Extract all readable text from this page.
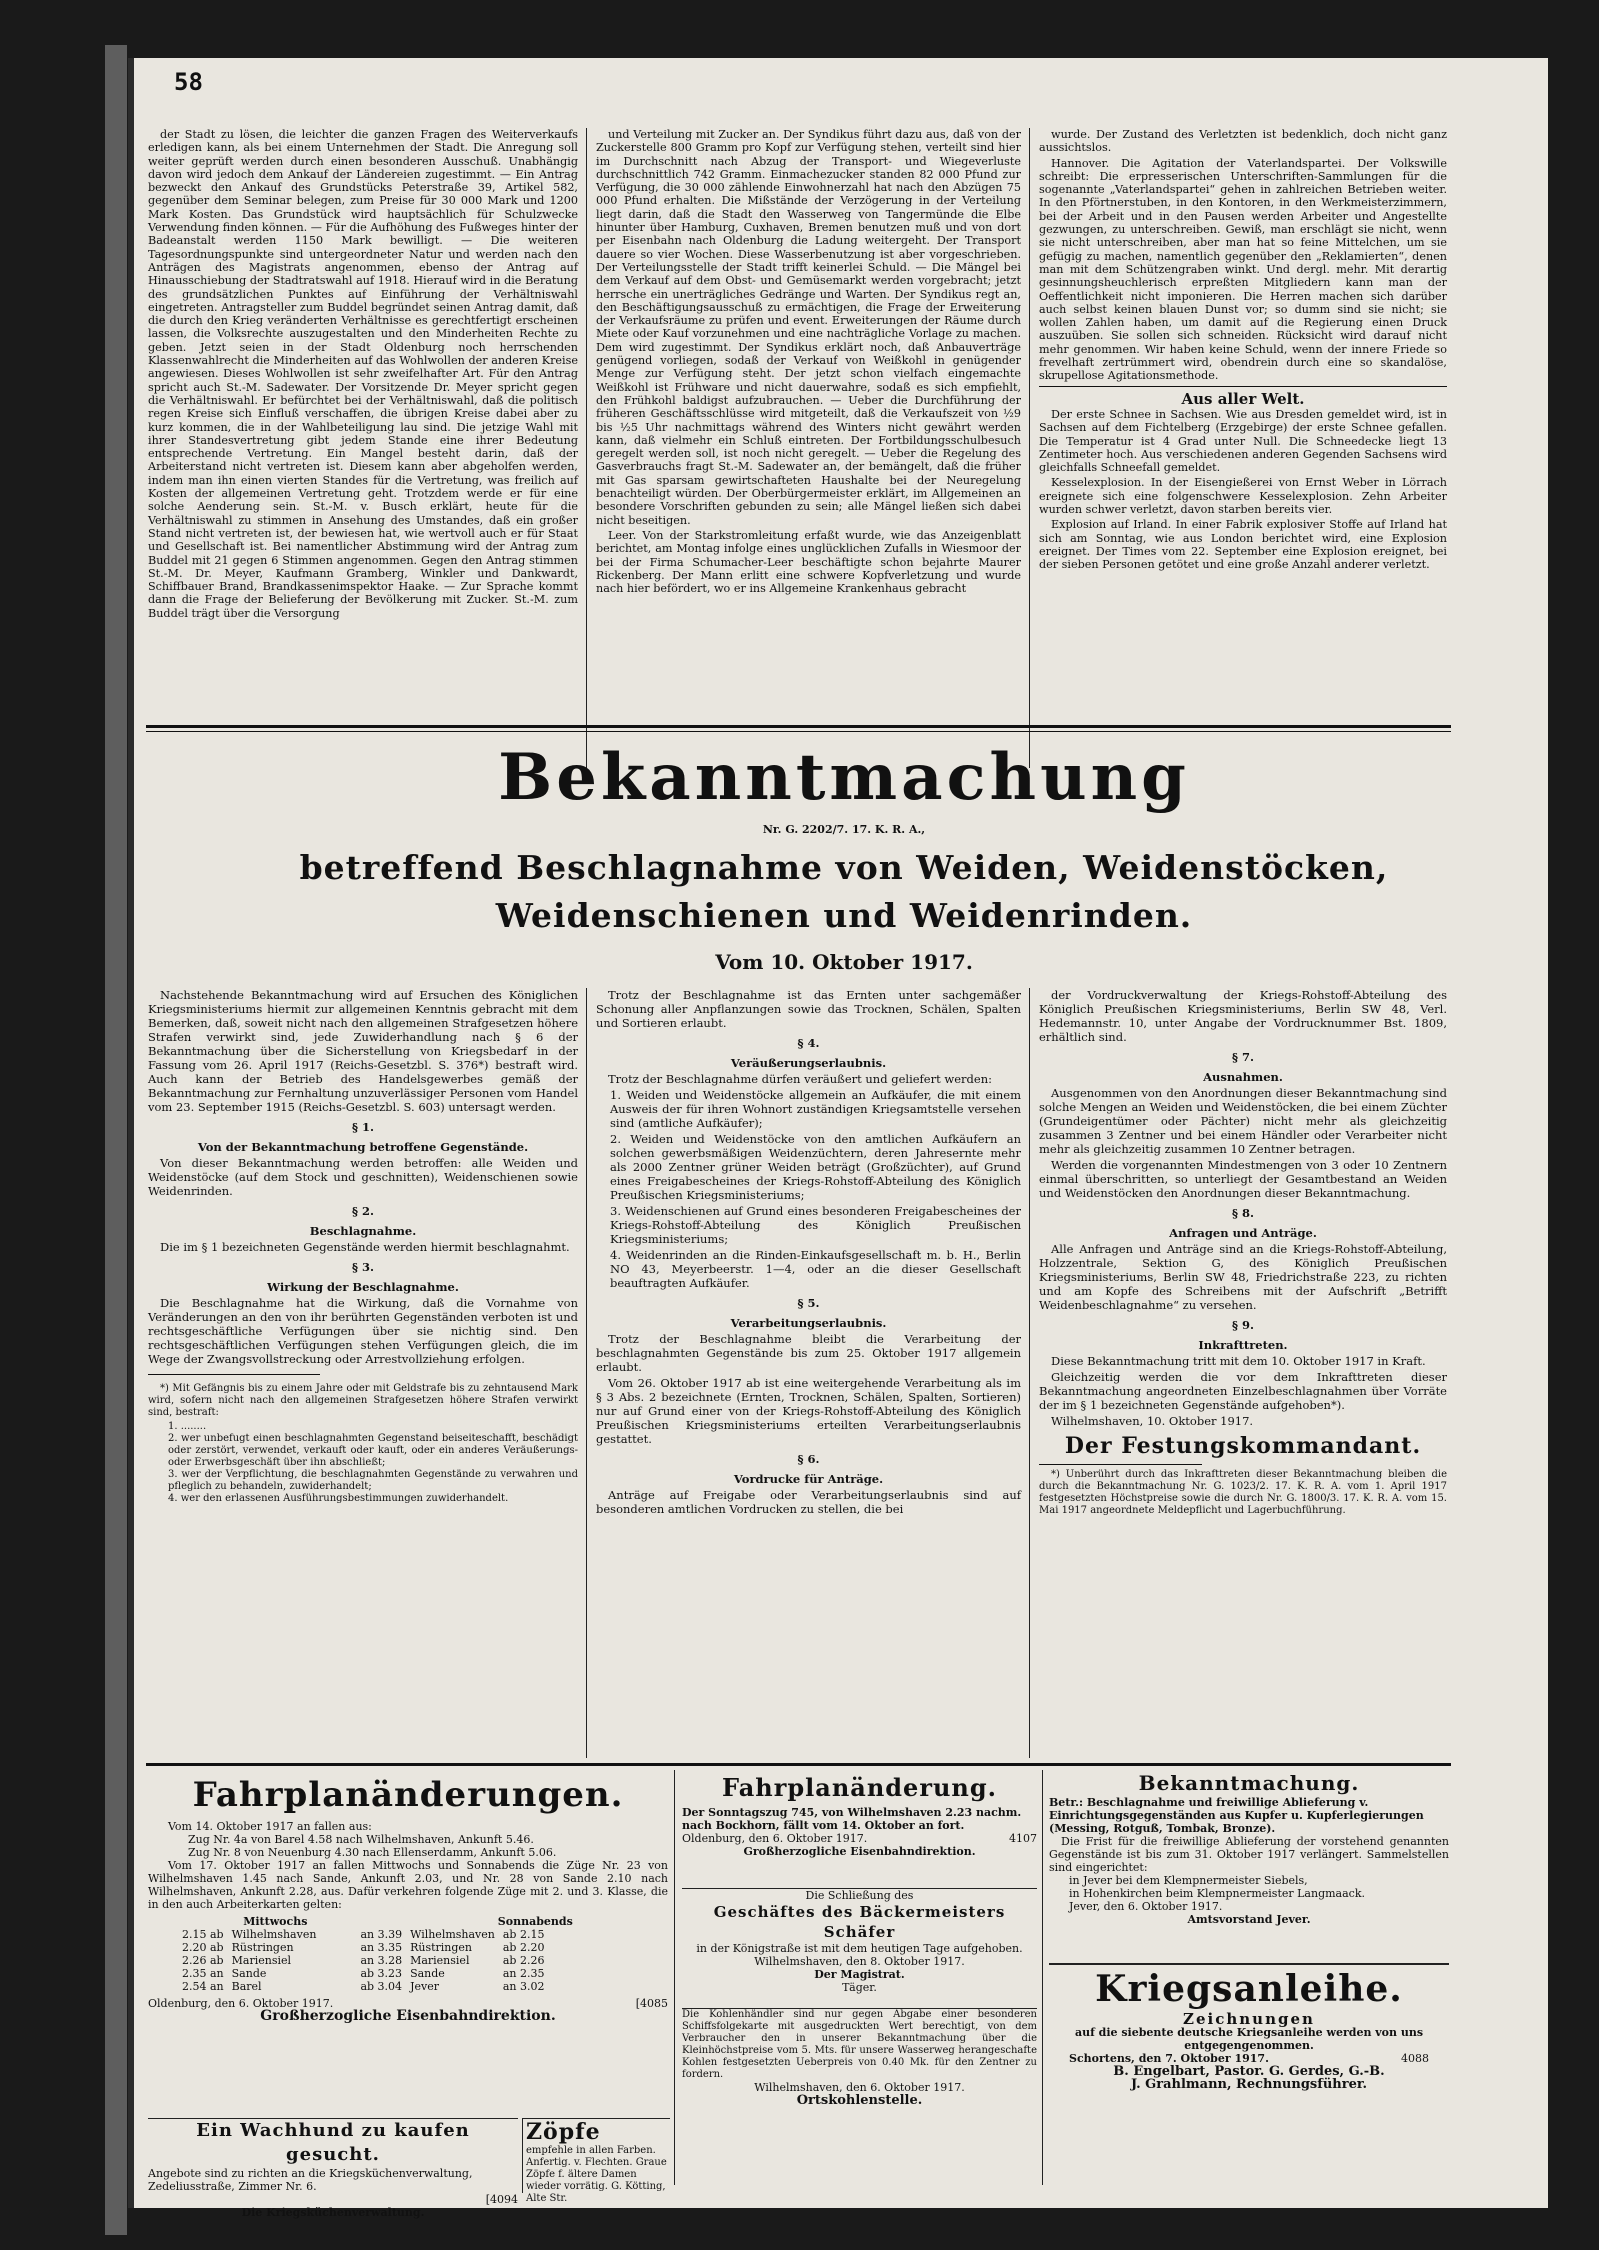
58

der Stadt zu lösen, die leichter die ganzen Fragen des Weiterverkaufs erledigen kann, als bei einem Unternehmen der Stadt. Die Anregung soll weiter geprüft werden durch einen besonderen Ausschuß. Unabhängig davon wird jedoch dem Ankauf der Ländereien zugestimmt. — Ein Antrag bezweckt den Ankauf des Grundstücks Peterstraße 39, Artikel 582, gegenüber dem Seminar belegen, zum Preise für 30 000 Mark und 1200 Mark Kosten. Das Grundstück wird hauptsächlich für Schulzwecke Verwendung finden können. — Für die Aufhöhung des Fußweges hinter der Badeanstalt werden 1150 Mark bewilligt. — Die weiteren Tagesordnungspunkte sind untergeordneter Natur und werden nach den Anträgen des Magistrats angenommen, ebenso der Antrag auf Hinausschiebung der Stadtratswahl auf 1918. Hierauf wird in die Beratung des grundsätzlichen Punktes auf Einführung der Verhältniswahl eingetreten. Antragsteller zum Buddel begründet seinen Antrag damit, daß die durch den Krieg veränderten Verhältnisse es gerechtfertigt erscheinen lassen, die Volksrechte auszugestalten und den Minderheiten Rechte zu geben. Jetzt seien in der Stadt Oldenburg noch herrschenden Klassenwahlrecht die Minderheiten auf das Wohlwollen der anderen Kreise angewiesen. Dieses Wohlwollen ist sehr zweifelhafter Art. Für den Antrag spricht auch St.-M. Sadewater. Der Vorsitzende Dr. Meyer spricht gegen die Verhältniswahl. Er befürchtet bei der Verhältniswahl, daß die politisch regen Kreise sich Einfluß verschaffen, die übrigen Kreise dabei aber zu kurz kommen, die in der Wahlbeteiligung lau sind. Die jetzige Wahl mit ihrer Standesvertretung gibt jedem Stande eine ihrer Bedeutung entsprechende Vertretung. Ein Mangel besteht darin, daß der Arbeiterstand nicht vertreten ist. Diesem kann aber abgeholfen werden, indem man ihn einen vierten Standes für die Vertretung, was freilich auf Kosten der allgemeinen Vertretung geht. Trotzdem werde er für eine solche Aenderung sein. St.-M. v. Busch erklärt, heute für die Verhältniswahl zu stimmen in Ansehung des Umstandes, daß ein großer Stand nicht vertreten ist, der bewiesen hat, wie wertvoll auch er für Staat und Gesellschaft ist. Bei namentlicher Abstimmung wird der Antrag zum Buddel mit 21 gegen 6 Stimmen angenommen. Gegen den Antrag stimmen St.-M. Dr. Meyer, Kaufmann Gramberg, Winkler und Dankwardt, Schiffbauer Brand, Brandkassenimspektor Haake. — Zur Sprache kommt dann die Frage der Belieferung der Bevölkerung mit Zucker. St.-M. zum Buddel trägt über die Versorgung

und Verteilung mit Zucker an. Der Syndikus führt dazu aus, daß von der Zuckerstelle 800 Gramm pro Kopf zur Verfügung stehen, verteilt sind hier im Durchschnitt nach Abzug der Transport- und Wiegeverluste durchschnittlich 742 Gramm. Einmachezucker standen 82 000 Pfund zur Verfügung, die 30 000 zählende Einwohnerzahl hat nach den Abzügen 75 000 Pfund erhalten. Die Mißstände der Verzögerung in der Verteilung liegt darin, daß die Stadt den Wasserweg von Tangermünde die Elbe hinunter über Hamburg, Cuxhaven, Bremen benutzen muß und von dort per Eisenbahn nach Oldenburg die Ladung weitergeht. Der Transport dauere so vier Wochen. Diese Wasserbenutzung ist aber vorgeschrieben. Der Verteilungsstelle der Stadt trifft keinerlei Schuld. — Die Mängel bei dem Verkauf auf dem Obst- und Gemüsemarkt werden vorgebracht; jetzt herrsche ein unerträgliches Gedränge und Warten. Der Syndikus regt an, den Beschäftigungsausschuß zu ermächtigen, die Frage der Erweiterung der Verkaufsräume zu prüfen und event. Erweiterungen der Räume durch Miete oder Kauf vorzunehmen und eine nachträgliche Vorlage zu machen. Dem wird zugestimmt. Der Syndikus erklärt noch, daß Anbauverträge genügend vorliegen, sodaß der Verkauf von Weißkohl in genügender Menge zur Verfügung steht. Der jetzt schon vielfach eingemachte Weißkohl ist Frühware und nicht dauerwahre, sodaß es sich empfiehlt, den Frühkohl baldigst aufzubrauchen. — Ueber die Durchführung der früheren Geschäftsschlüsse wird mitgeteilt, daß die Verkaufszeit von ½9 bis ½5 Uhr nachmittags während des Winters nicht gewährt werden kann, daß vielmehr ein Schluß eintreten. Der Fortbildungsschulbesuch geregelt werden soll, ist noch nicht geregelt. — Ueber die Regelung des Gasverbrauchs fragt St.-M. Sadewater an, der bemängelt, daß die früher mit Gas sparsam gewirtschafteten Haushalte bei der Neuregelung benachteiligt würden. Der Oberbürgermeister erklärt, im Allgemeinen an besondere Vorschriften gebunden zu sein; alle Mängel ließen sich dabei nicht beseitigen.

Leer. Von der Starkstromleitung erfaßt wurde, wie das Anzeigenblatt berichtet, am Montag infolge eines unglücklichen Zufalls in Wiesmoor der bei der Firma Schumacher-Leer beschäftigte schon bejahrte Maurer Rickenberg. Der Mann erlitt eine schwere Kopfverletzung und wurde nach hier befördert, wo er ins Allgemeine Krankenhaus gebracht

wurde. Der Zustand des Verletzten ist bedenklich, doch nicht ganz aussichtslos.

Hannover. Die Agitation der Vaterlandspartei. Der Volkswille schreibt: Die erpresserischen Unterschriften-Sammlungen für die sogenannte „Vaterlandspartei“ gehen in zahlreichen Betrieben weiter. In den Pförtnerstuben, in den Kontoren, in den Werkmeisterzimmern, bei der Arbeit und in den Pausen werden Arbeiter und Angestellte gezwungen, zu unterschreiben. Gewiß, man erschlägt sie nicht, wenn sie nicht unterschreiben, aber man hat so feine Mittelchen, um sie gefügig zu machen, namentlich gegenüber den „Reklamierten“, denen man mit dem Schützengraben winkt. Und dergl. mehr. Mit derartig gesinnungsheuchlerisch erpreßten Mitgliedern kann man der Oeffentlichkeit nicht imponieren. Die Herren machen sich darüber auch selbst keinen blauen Dunst vor; so dumm sind sie nicht; sie wollen Zahlen haben, um damit auf die Regierung einen Druck auszuüben. Sie sollen sich schneiden. Rücksicht wird darauf nicht mehr genommen. Wir haben keine Schuld, wenn der innere Friede so frevelhaft zertrümmert wird, obendrein durch eine so skandalöse, skrupellose Agitationsmethode.

Aus aller Welt.

Der erste Schnee in Sachsen. Wie aus Dresden gemeldet wird, ist in Sachsen auf dem Fichtelberg (Erzgebirge) der erste Schnee gefallen. Die Temperatur ist 4 Grad unter Null. Die Schneedecke liegt 13 Zentimeter hoch. Aus verschiedenen anderen Gegenden Sachsens wird gleichfalls Schneefall gemeldet.

Kesselexplosion. In der Eisengießerei von Ernst Weber in Lörrach ereignete sich eine folgenschwere Kesselexplosion. Zehn Arbeiter wurden schwer verletzt, davon starben bereits vier.

Explosion auf Irland. In einer Fabrik explosiver Stoffe auf Irland hat sich am Sonntag, wie aus London berichtet wird, eine Explosion ereignet. Der Times vom 22. September eine Explosion ereignet, bei der sieben Personen getötet und eine große Anzahl anderer verletzt.

Bekanntmachung
Nr. G. 2202/7. 17. K. R. A.,
betreffend Beschlagnahme von Weiden, Weidenstöcken,
Weidenschienen und Weidenrinden.
Vom 10. Oktober 1917.

Nachstehende Bekanntmachung wird auf Ersuchen des Königlichen Kriegsministeriums hiermit zur allgemeinen Kenntnis gebracht mit dem Bemerken, daß, soweit nicht nach den allgemeinen Strafgesetzen höhere Strafen verwirkt sind, jede Zuwiderhandlung nach § 6 der Bekanntmachung über die Sicherstellung von Kriegsbedarf in der Fassung vom 26. April 1917 (Reichs-Gesetzbl. S. 376*) bestraft wird. Auch kann der Betrieb des Handelsgewerbes gemäß der Bekanntmachung zur Fernhaltung unzuverlässiger Personen vom Handel vom 23. September 1915 (Reichs-Gesetzbl. S. 603) untersagt werden.

§ 1.
Von der Bekanntmachung betroffene Gegenstände.

Von dieser Bekanntmachung werden betroffen: alle Weiden und Weidenstöcke (auf dem Stock und geschnitten), Weidenschienen sowie Weidenrinden.

§ 2.
Beschlagnahme.

Die im § 1 bezeichneten Gegenstände werden hiermit beschlagnahmt.

§ 3.
Wirkung der Beschlagnahme.

Die Beschlagnahme hat die Wirkung, daß die Vornahme von Veränderungen an den von ihr berührten Gegenständen verboten ist und rechtsgeschäftliche Verfügungen über sie nichtig sind. Den rechtsgeschäftlichen Verfügungen stehen Verfügungen gleich, die im Wege der Zwangsvollstreckung oder Arrestvollziehung erfolgen.

*) Mit Gefängnis bis zu einem Jahre oder mit Geldstrafe bis zu zehntausend Mark wird, sofern nicht nach den allgemeinen Strafgesetzen höhere Strafen verwirkt sind, bestraft:

1. ........
2. wer unbefugt einen beschlagnahmten Gegenstand beiseiteschafft, beschädigt oder zerstört, verwendet, verkauft oder kauft, oder ein anderes Veräußerungs- oder Erwerbsgeschäft über ihn abschließt;
3. wer der Verpflichtung, die beschlagnahmten Gegenstände zu verwahren und pfleglich zu behandeln, zuwiderhandelt;
4. wer den erlassenen Ausführungsbestimmungen zuwiderhandelt.

Trotz der Beschlagnahme ist das Ernten unter sachgemäßer Schonung aller Anpflanzungen sowie das Trocknen, Schälen, Spalten und Sortieren erlaubt.

§ 4.
Veräußerungserlaubnis.

Trotz der Beschlagnahme dürfen veräußert und geliefert werden:

1. Weiden und Weidenstöcke allgemein an Aufkäufer, die mit einem Ausweis der für ihren Wohnort zuständigen Kriegsamtstelle versehen sind (amtliche Aufkäufer);
2. Weiden und Weidenstöcke von den amtlichen Aufkäufern an solchen gewerbsmäßigen Weidenzüchtern, deren Jahresernte mehr als 2000 Zentner grüner Weiden beträgt (Großzüchter), auf Grund eines Freigabescheines der Kriegs-Rohstoff-Abteilung des Königlich Preußischen Kriegsministeriums;
3. Weidenschienen auf Grund eines besonderen Freigabescheines der Kriegs-Rohstoff-Abteilung des Königlich Preußischen Kriegsministeriums;
4. Weidenrinden an die Rinden-Einkaufsgesellschaft m. b. H., Berlin NO 43, Meyerbeerstr. 1—4, oder an die dieser Gesellschaft beauftragten Aufkäufer.
§ 5.
Verarbeitungserlaubnis.

Trotz der Beschlagnahme bleibt die Verarbeitung der beschlagnahmten Gegenstände bis zum 25. Oktober 1917 allgemein erlaubt.

Vom 26. Oktober 1917 ab ist eine weitergehende Verarbeitung als im § 3 Abs. 2 bezeichnete (Ernten, Trocknen, Schälen, Spalten, Sortieren) nur auf Grund einer von der Kriegs-Rohstoff-Abteilung des Königlich Preußischen Kriegsministeriums erteilten Verarbeitungserlaubnis gestattet.

§ 6.
Vordrucke für Anträge.

Anträge auf Freigabe oder Verarbeitungserlaubnis sind auf besonderen amtlichen Vordrucken zu stellen, die bei

der Vordruckverwaltung der Kriegs-Rohstoff-Abteilung des Königlich Preußischen Kriegsministeriums, Berlin SW 48, Verl. Hedemannstr. 10, unter Angabe der Vordrucknummer Bst. 1809, erhältlich sind.

§ 7.
Ausnahmen.

Ausgenommen von den Anordnungen dieser Bekanntmachung sind solche Mengen an Weiden und Weidenstöcken, die bei einem Züchter (Grundeigentümer oder Pächter) nicht mehr als gleichzeitig zusammen 3 Zentner und bei einem Händler oder Verarbeiter nicht mehr als gleichzeitig zusammen 10 Zentner betragen.

Werden die vorgenannten Mindestmengen von 3 oder 10 Zentnern einmal überschritten, so unterliegt der Gesamtbestand an Weiden und Weidenstöcken den Anordnungen dieser Bekanntmachung.

§ 8.
Anfragen und Anträge.

Alle Anfragen und Anträge sind an die Kriegs-Rohstoff-Abteilung, Holzzentrale, Sektion G, des Königlich Preußischen Kriegsministeriums, Berlin SW 48, Friedrichstraße 223, zu richten und am Kopfe des Schreibens mit der Aufschrift „Betrifft Weidenbeschlagnahme“ zu versehen.

§ 9.
Inkrafttreten.

Diese Bekanntmachung tritt mit dem 10. Oktober 1917 in Kraft.

Gleichzeitig werden die vor dem Inkrafttreten dieser Bekanntmachung angeordneten Einzelbeschlagnahmen über Vorräte der im § 1 bezeichneten Gegenstände aufgehoben*).

Wilhelmshaven, 10. Oktober 1917.

Der Festungskommandant.

*) Unberührt durch das Inkrafttreten dieser Bekanntmachung bleiben die durch die Bekanntmachung Nr. G. 1023/2. 17. K. R. A. vom 1. April 1917 festgesetzten Höchstpreise sowie die durch Nr. G. 1800/3. 17. K. R. A. vom 15. Mai 1917 angeordnete Meldepflicht und Lagerbuchführung.

Fahrplanänderungen.
Vom 14. Oktober 1917 an fallen aus:
Zug Nr. 4a von Barel 4.58 nach Wilhelmshaven, Ankunft 5.46.
Zug Nr. 8 von Neuenburg 4.30 nach Ellenserdamm, Ankunft 5.06.
Vom 17. Oktober 1917 an fallen Mittwochs und Sonnabends die Züge Nr. 23 von Wilhelmshaven 1.45 nach Sande, Ankunft 2.03, und Nr. 28 von Sande 2.10 nach Wilhelmshaven, Ankunft 2.28, aus. Dafür verkehren folgende Züge mit 2. und 3. Klasse, die in den auch Arbeiterkarten gelten:
Mittwochs	Sonnabends
2.15 ab	Wilhelmshaven	an 3.39	Wilhelmshaven	ab 2.15
2.20 ab	Rüstringen	an 3.35	Rüstringen	ab 2.20
2.26 ab	Mariensiel	an 3.28	Mariensiel	ab 2.26
2.35 an	Sande	ab 3.23	Sande	an 2.35
2.54 an	Barel	ab 3.04	Jever	an 3.02
Oldenburg, den 6. Oktober 1917.	[4085
Großherzogliche Eisenbahndirektion.
Ein Wachhund zu kaufen gesucht.
Angebote sind zu richten an die Kriegsküchenverwaltung, Zedeliusstraße, Zimmer Nr. 6.
[4094
Die Kriegsküchenverwaltung.
Zöpfe
empfehle in allen Farben. Anfertig. v. Flechten. Graue Zöpfe f. ältere Damen wieder vorrätig. G. Kötting, Alte Str.
Fahrplanänderung.
Der Sonntagszug 745, von Wilhelmshaven 2.23 nachm. nach Bockhorn, fällt vom 14. Oktober an fort.
Oldenburg, den 6. Oktober 1917.	4107
Großherzogliche Eisenbahndirektion.
Die Schließung des
Geschäftes des Bäckermeisters Schäfer
in der Königstraße ist mit dem heutigen Tage aufgehoben. Wilhelmshaven, den 8. Oktober 1917.
Der Magistrat.
Täger.
Die Kohlenhändler sind nur gegen Abgabe einer besonderen Schiffsfolgekarte mit ausgedruckten Wert berechtigt, von dem Verbraucher den in unserer Bekanntmachung über die Kleinhöchstpreise vom 5. Mts. für unsere Wasserweg herangeschafte Kohlen festgesetzten Ueberpreis von 0.40 Mk. für den Zentner zu fordern.
Wilhelmshaven, den 6. Oktober 1917.
Ortskohlenstelle.
Bekanntmachung.
Betr.: Beschlagnahme und freiwillige Ablieferung v. Einrichtungsgegenständen aus Kupfer u. Kupferlegierungen (Messing, Rotguß, Tombak, Bronze).
Die Frist für die freiwillige Ablieferung der vorstehend genannten Gegenstände ist bis zum 31. Oktober 1917 verlängert. Sammelstellen sind eingerichtet:
in Jever bei dem Klempnermeister Siebels,
in Hohenkirchen beim Klempnermeister Langmaack.
Jever, den 6. Oktober 1917.
Amtsvorstand Jever.
Kriegsanleihe.
Zeichnungen
auf die siebente deutsche Kriegsanleihe werden von uns entgegengenommen.
Schortens, den 7. Oktober 1917.	4088
B. Engelbart, Pastor. G. Gerdes, G.-B.
J. Grahlmann, Rechnungsführer.
